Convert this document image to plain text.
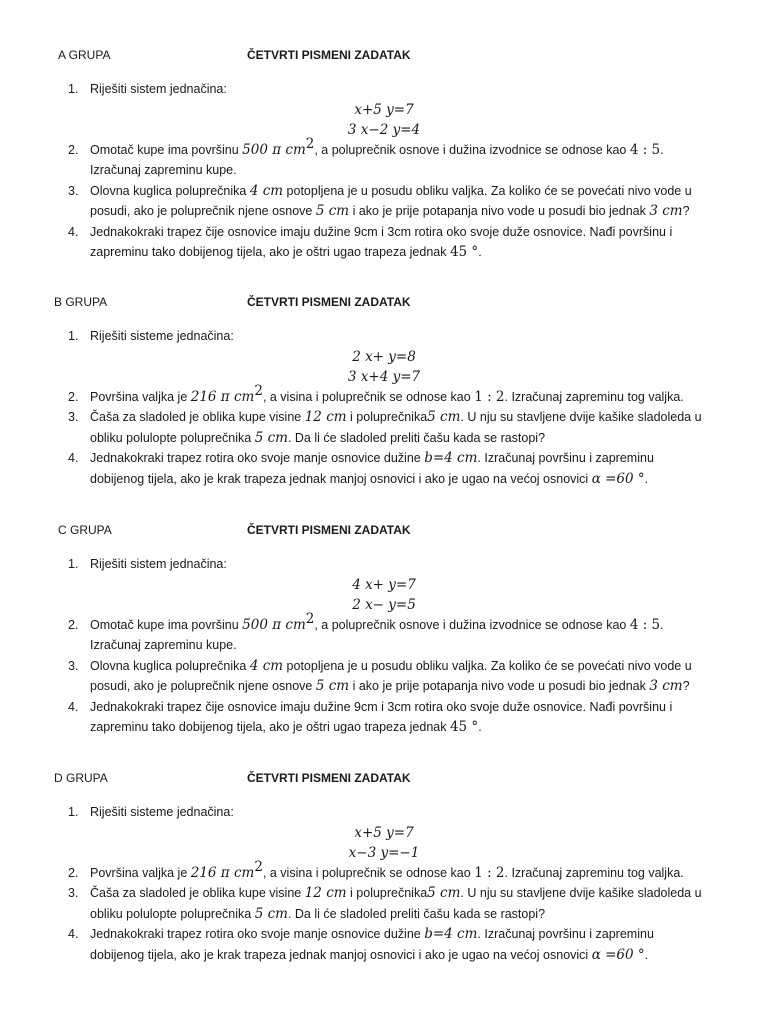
A GRUPA	ČETVRTI PISMENI ZADATAK
1. Riješiti sistem jednačina:
x+5 y=7
3 x−2 y=4
2. Omotač kupe ima površinu 500 π $cm^2$, a poluprečnik osnove i dužina izvodnice se odnose kao 4 : 5. Izračunaj zapreminu kupe.
3. Olovna kuglica poluprečnika 4 cm potopljena je u posudu obliku valjka. Za koliko će se povećati nivo vode u posudi, ako je poluprečnik njene osnove 5 cm i ako je prije potapanja nivo vode u posudi bio jednak 3 cm?
4. Jednakokraki trapez čije osnovice imaju dužine 9cm i 3cm rotira oko svoje duže osnovice. Nađi površinu i zapreminu tako dobijenog tijela, ako je oštri ugao trapeza jednak 45 °.
B GRUPA	ČETVRTI PISMENI ZADATAK
1. Riješiti sisteme jednačina:
2 x+ y=8
3 x+4 y=7
2. Površina valjka je 216 π $cm^2$, a visina i poluprečnik se odnose kao 1 : 2. Izračunaj zapreminu tog valjka.
3. Čaša za sladoled je oblika kupe visine 12 cm i poluprečnika5 cm. U nju su stavljene dvije kašike sladoleda u obliku polulopte poluprečnika 5 cm. Da li će sladoled preliti čašu kada se rastopi?
4. Jednakokraki trapez rotira oko svoje manje osnovice dužine b=4 cm. Izračunaj površinu i zapreminu dobijenog tijela, ako je krak trapeza jednak manjoj osnovici i ako je ugao na većoj osnovici α =60 °.
C GRUPA	ČETVRTI PISMENI ZADATAK
1. Riješiti sistem jednačina:
4 x+ y=7
2 x− y=5
2. Omotač kupe ima površinu 500 π $cm^2$, a poluprečnik osnove i dužina izvodnice se odnose kao 4 : 5. Izračunaj zapreminu kupe.
3. Olovna kuglica poluprečnika 4 cm potopljena je u posudu obliku valjka. Za koliko će se povećati nivo vode u posudi, ako je poluprečnik njene osnove 5 cm i ako je prije potapanja nivo vode u posudi bio jednak 3 cm?
4. Jednakokraki trapez čije osnovice imaju dužine 9cm i 3cm rotira oko svoje duže osnovice. Nađi površinu i zapreminu tako dobijenog tijela, ako je oštri ugao trapeza jednak 45 °.
D GRUPA	ČETVRTI PISMENI ZADATAK
1. Riješiti sisteme jednačina:
x+5 y=7
x−3 y=−1
2. Površina valjka je 216 π $cm^2$, a visina i poluprečnik se odnose kao 1 : 2. Izračunaj zapreminu tog valjka.
3. Čaša za sladoled je oblika kupe visine 12 cm i poluprečnika5 cm. U nju su stavljene dvije kašike sladoleda u obliku polulopte poluprečnika 5 cm. Da li će sladoled preliti čašu kada se rastopi?
4. Jednakokraki trapez rotira oko svoje manje osnovice dužine b=4 cm. Izračunaj površinu i zapreminu dobijenog tijela, ako je krak trapeza jednak manjoj osnovici i ako je ugao na većoj osnovici α =60 °.
